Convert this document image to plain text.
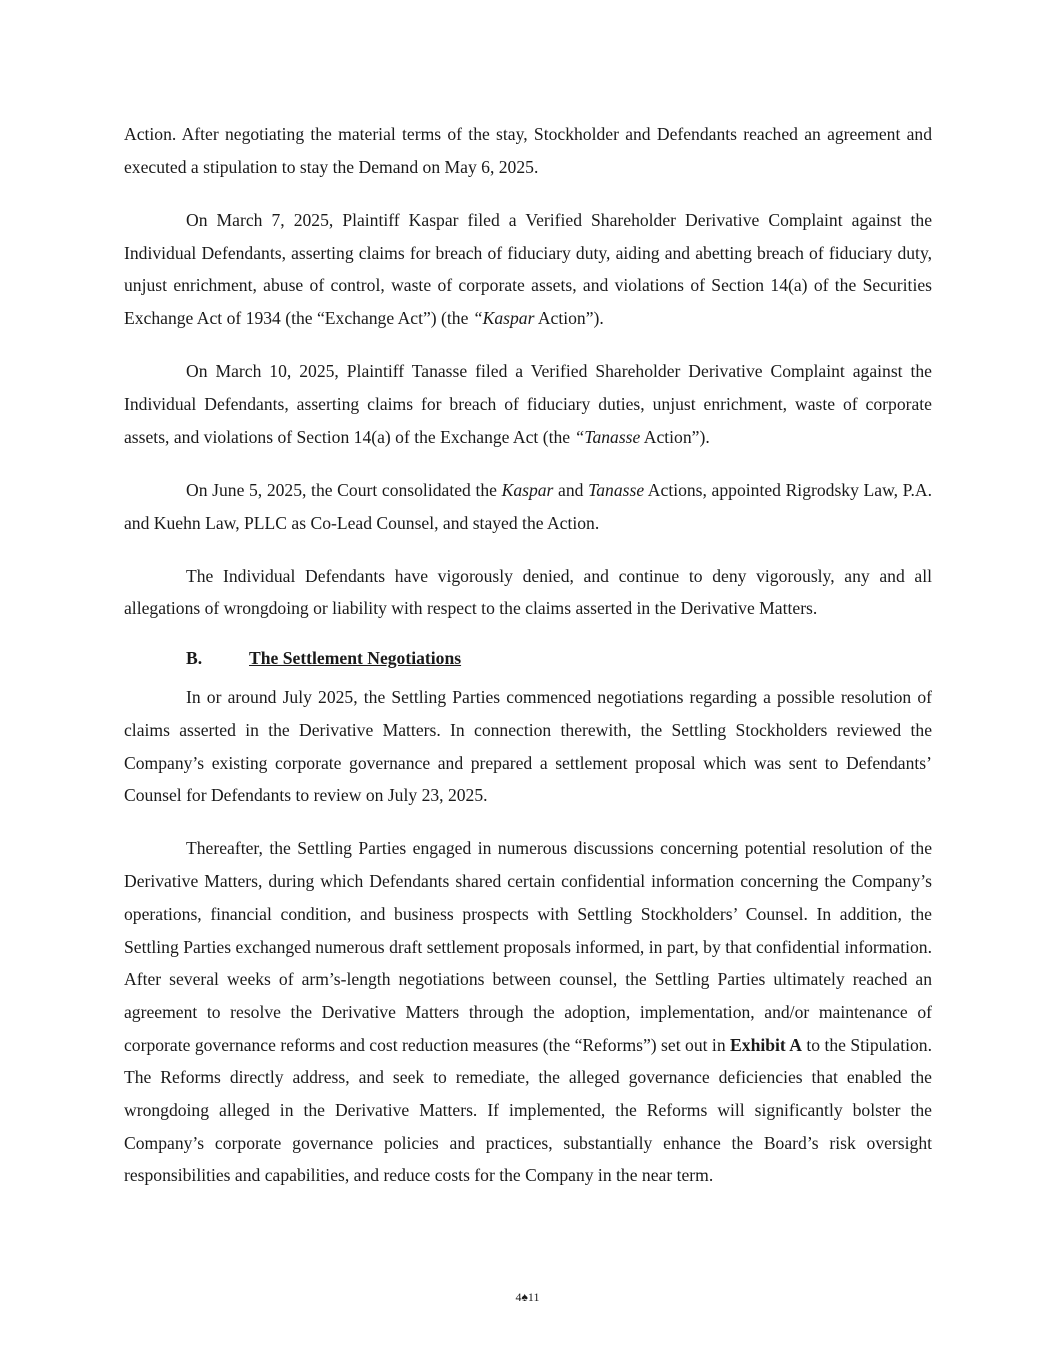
Action. After negotiating the material terms of the stay, Stockholder and Defendants reached an agreement and executed a stipulation to stay the Demand on May 6, 2025.

On March 7, 2025, Plaintiff Kaspar filed a Verified Shareholder Derivative Complaint against the Individual Defendants, asserting claims for breach of fiduciary duty, aiding and abetting breach of fiduciary duty, unjust enrichment, abuse of control, waste of corporate assets, and violations of Section 14(a) of the Securities Exchange Act of 1934 (the “Exchange Act”) (the “Kaspar Action”).

On March 10, 2025, Plaintiff Tanasse filed a Verified Shareholder Derivative Complaint against the Individual Defendants, asserting claims for breach of fiduciary duties, unjust enrichment, waste of corporate assets, and violations of Section 14(a) of the Exchange Act (the “Tanasse Action”).

On June 5, 2025, the Court consolidated the Kaspar and Tanasse Actions, appointed Rigrodsky Law, P.A. and Kuehn Law, PLLC as Co-Lead Counsel, and stayed the Action.

The Individual Defendants have vigorously denied, and continue to deny vigorously, any and all allegations of wrongdoing or liability with respect to the claims asserted in the Derivative Matters.

B.	The Settlement Negotiations

In or around July 2025, the Settling Parties commenced negotiations regarding a possible resolution of claims asserted in the Derivative Matters. In connection therewith, the Settling Stockholders reviewed the Company’s existing corporate governance and prepared a settlement proposal which was sent to Defendants’ Counsel for Defendants to review on July 23, 2025.

Thereafter, the Settling Parties engaged in numerous discussions concerning potential resolution of the Derivative Matters, during which Defendants shared certain confidential information concerning the Company’s operations, financial condition, and business prospects with Settling Stockholders’ Counsel. In addition, the Settling Parties exchanged numerous draft settlement proposals informed, in part, by that confidential information. After several weeks of arm’s-length negotiations between counsel, the Settling Parties ultimately reached an agreement to resolve the Derivative Matters through the adoption, implementation, and/or maintenance of corporate governance reforms and cost reduction measures (the “Reforms”) set out in Exhibit A to the Stipulation. The Reforms directly address, and seek to remediate, the alleged governance deficiencies that enabled the wrongdoing alleged in the Derivative Matters. If implemented, the Reforms will significantly bolster the Company’s corporate governance policies and practices, substantially enhance the Board’s risk oversight responsibilities and capabilities, and reduce costs for the Company in the near term.

4♠11
